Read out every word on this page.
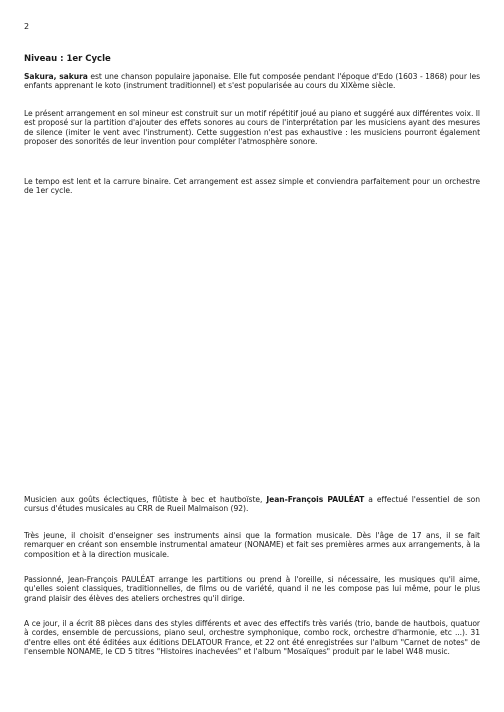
2
Niveau : 1er Cycle

Sakura, sakura est une chanson populaire japonaise. Elle fut composée pendant l'époque d'Edo (1603 - 1868) pour les enfants apprenant le koto (instrument traditionnel) et s'est popularisée au cours du XIXème siècle.

Le présent arrangement en sol mineur est construit sur un motif répétitif joué au piano et suggéré aux différentes voix. Il est proposé sur la partition d'ajouter des effets sonores au cours de l'interprétation par les musiciens ayant des mesures de silence (imiter le vent avec l'instrument). Cette suggestion n'est pas exhaustive : les musiciens pourront également proposer des sonorités de leur invention pour compléter l'atmosphère sonore.

Le tempo est lent et la carrure binaire. Cet arrangement est assez simple et conviendra parfaitement pour un orchestre de 1er cycle.

Musicien aux goûts éclectiques, flûtiste à bec et hautboïste, Jean-François PAULÉAT a effectué l'essentiel de son cursus d'études musicales au CRR de Rueil Malmaison (92).

Très jeune, il choisit d'enseigner ses instruments ainsi que la formation musicale. Dès l'âge de 17 ans, il se fait remarquer en créant son ensemble instrumental amateur (NONAME) et fait ses premières armes aux arrangements, à la composition et à la direction musicale.

Passionné, Jean-François PAULÉAT arrange les partitions ou prend à l'oreille, si nécessaire, les musiques qu'il aime, qu'elles soient classiques, traditionnelles, de films ou de variété, quand il ne les compose pas lui même, pour le plus grand plaisir des élèves des ateliers orchestres qu'il dirige.

A ce jour, il a écrit 88 pièces dans des styles différents et avec des effectifs très variés (trio, bande de hautbois, quatuor à cordes, ensemble de percussions, piano seul, orchestre symphonique, combo rock, orchestre d'harmonie, etc ...). 31 d'entre elles ont été éditées aux éditions DELATOUR France, et 22 ont été enregistrées sur l'album "Carnet de notes" de l'ensemble NONAME, le CD 5 titres "Histoires inachevées" et l'album "Mosaïques" produit par le label W48 music.
